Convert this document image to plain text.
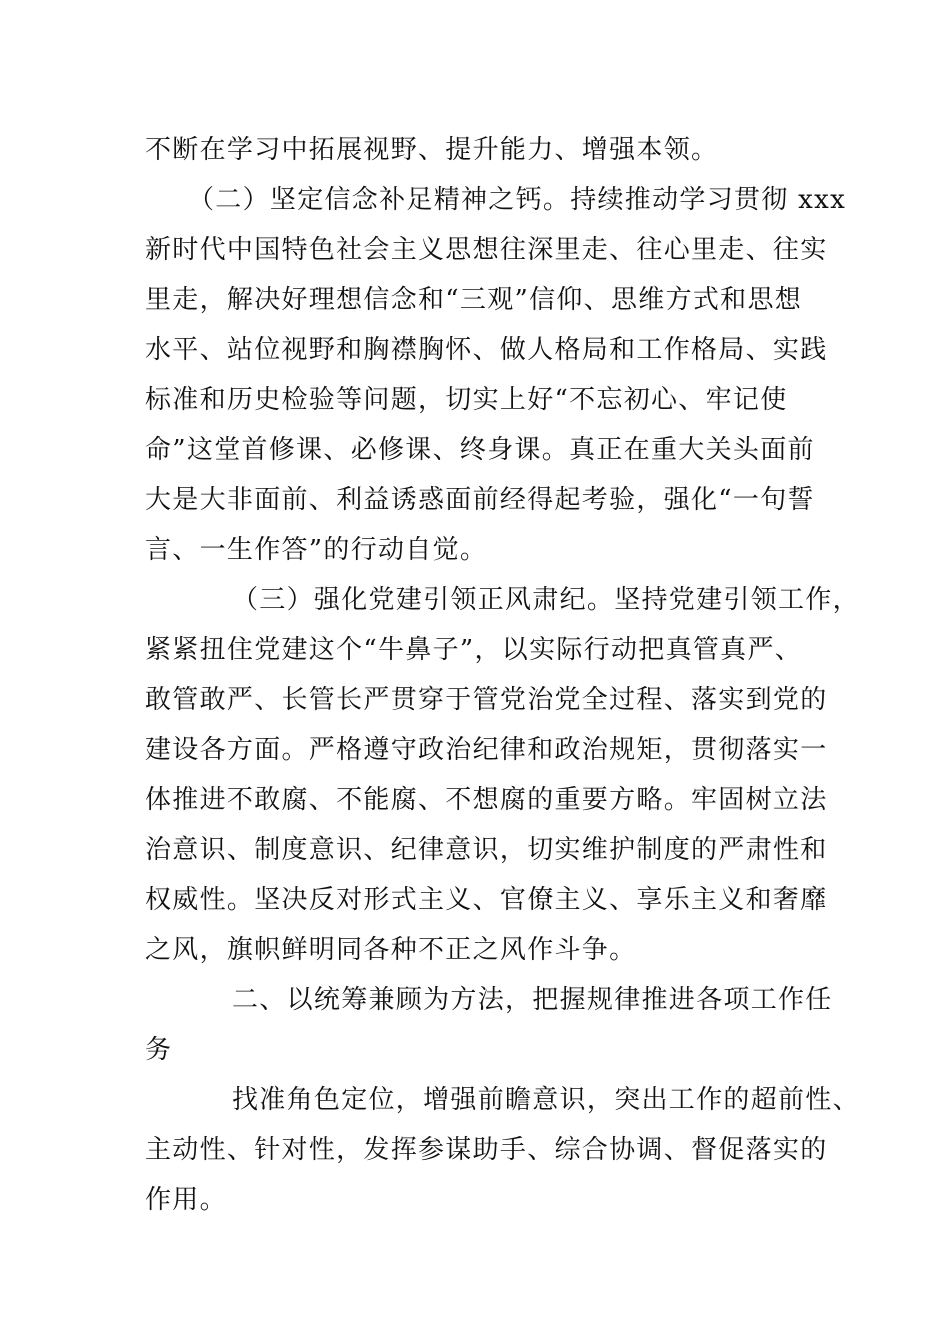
不断在学习中拓展视野、提升能力、增强本领。
（二）坚定信念补足精神之钙。持续推动学习贯彻 xxx
新时代中国特色社会主义思想往深里走、往心里走、往实
里走，解决好理想信念和“三观”信仰、思维方式和思想
水平、站位视野和胸襟胸怀、做人格局和工作格局、实践
标准和历史检验等问题，切实上好“不忘初心、牢记使
命”这堂首修课、必修课、终身课。真正在重大关头面前
大是大非面前、利益诱惑面前经得起考验，强化“一句誓
言、一生作答”的行动自觉。
（三）强化党建引领正风肃纪。坚持党建引领工作，
紧紧扭住党建这个“牛鼻子”，以实际行动把真管真严、
敢管敢严、长管长严贯穿于管党治党全过程、落实到党的
建设各方面。严格遵守政治纪律和政治规矩，贯彻落实一
体推进不敢腐、不能腐、不想腐的重要方略。牢固树立法
治意识、制度意识、纪律意识，切实维护制度的严肃性和
权威性。坚决反对形式主义、官僚主义、享乐主义和奢靡
之风，旗帜鲜明同各种不正之风作斗争。
二、以统筹兼顾为方法，把握规律推进各项工作任
务
找准角色定位，增强前瞻意识，突出工作的超前性、
主动性、针对性，发挥参谋助手、综合协调、督促落实的
作用。
